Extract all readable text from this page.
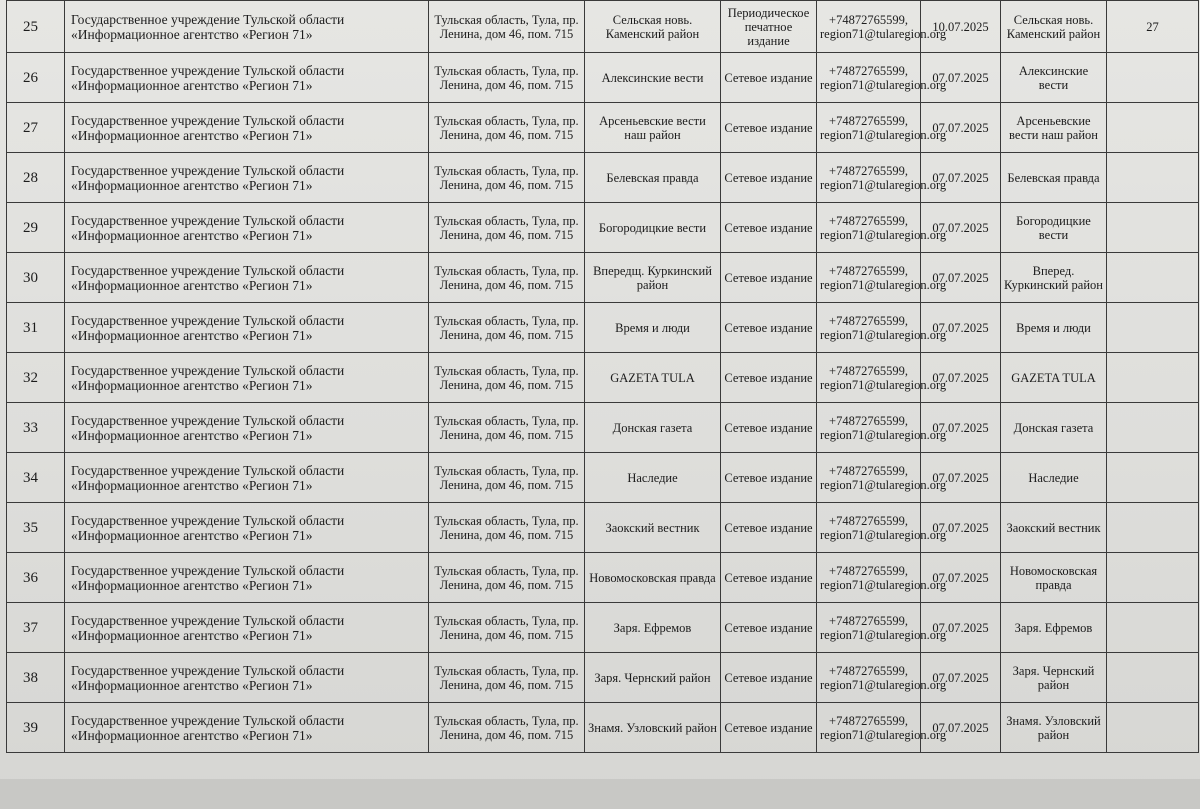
25	Государственное учреждение Тульской области «Информационное агентство «Регион 71»	Тульская область, Тула, пр. Ленина, дом 46, пом. 715	Сельская новь. Каменский район	Периодическое печатное издание	+74872765599, region71@tularegion.org	10.07.2025	Сельская новь. Каменский район	27
26	Государственное учреждение Тульской области «Информационное агентство «Регион 71»	Тульская область, Тула, пр. Ленина, дом 46, пом. 715	Алексинские вести	Сетевое издание	+74872765599, region71@tularegion.org	07.07.2025	Алексинские вести	
27	Государственное учреждение Тульской области «Информационное агентство «Регион 71»	Тульская область, Тула, пр. Ленина, дом 46, пом. 715	Арсеньевские вести наш район	Сетевое издание	+74872765599, region71@tularegion.org	07.07.2025	Арсеньевские вести наш район	
28	Государственное учреждение Тульской области «Информационное агентство «Регион 71»	Тульская область, Тула, пр. Ленина, дом 46, пом. 715	Белевская правда	Сетевое издание	+74872765599, region71@tularegion.org	07.07.2025	Белевская правда	
29	Государственное учреждение Тульской области «Информационное агентство «Регион 71»	Тульская область, Тула, пр. Ленина, дом 46, пом. 715	Богородицкие вести	Сетевое издание	+74872765599, region71@tularegion.org	07.07.2025	Богородицкие вести	
30	Государственное учреждение Тульской области «Информационное агентство «Регион 71»	Тульская область, Тула, пр. Ленина, дом 46, пом. 715	Впередщ. Куркинский район	Сетевое издание	+74872765599, region71@tularegion.org	07.07.2025	Впеpед. Куркинский район	
31	Государственное учреждение Тульской области «Информационное агентство «Регион 71»	Тульская область, Тула, пр. Ленина, дом 46, пом. 715	Время и люди	Сетевое издание	+74872765599, region71@tularegion.org	07.07.2025	Время и люди	
32	Государственное учреждение Тульской области «Информационное агентство «Регион 71»	Тульская область, Тула, пр. Ленина, дом 46, пом. 715	GAZETA TULA	Сетевое издание	+74872765599, region71@tularegion.org	07.07.2025	GAZETA TULA	
33	Государственное учреждение Тульской области «Информационное агентство «Регион 71»	Тульская область, Тула, пр. Ленина, дом 46, пом. 715	Донская газета	Сетевое издание	+74872765599, region71@tularegion.org	07.07.2025	Донская газета	
34	Государственное учреждение Тульской области «Информационное агентство «Регион 71»	Тульская область, Тула, пр. Ленина, дом 46, пом. 715	Наследие	Сетевое издание	+74872765599, region71@tularegion.org	07.07.2025	Наследие	
35	Государственное учреждение Тульской области «Информационное агентство «Регион 71»	Тульская область, Тула, пр. Ленина, дом 46, пом. 715	Заокский вестник	Сетевое издание	+74872765599, region71@tularegion.org	07.07.2025	Заокский вестник	
36	Государственное учреждение Тульской области «Информационное агентство «Регион 71»	Тульская область, Тула, пр. Ленина, дом 46, пом. 715	Новомосковская правда	Сетевое издание	+74872765599, region71@tularegion.org	07.07.2025	Новомосковская правда	
37	Государственное учреждение Тульской области «Информационное агентство «Регион 71»	Тульская область, Тула, пр. Ленина, дом 46, пом. 715	Заря. Ефремов	Сетевое издание	+74872765599, region71@tularegion.org	07.07.2025	Заря. Ефремов	
38	Государственное учреждение Тульской области «Информационное агентство «Регион 71»	Тульская область, Тула, пр. Ленина, дом 46, пом. 715	Заря. Чернский район	Сетевое издание	+74872765599, region71@tularegion.org	07.07.2025	Заря. Чернский район	
39	Государственное учреждение Тульской области «Информационное агентство «Регион 71»	Тульская область, Тула, пр. Ленина, дом 46, пом. 715	Знамя. Узловский район	Сетевое издание	+74872765599, region71@tularegion.org	07.07.2025	Знамя. Узловский район	
